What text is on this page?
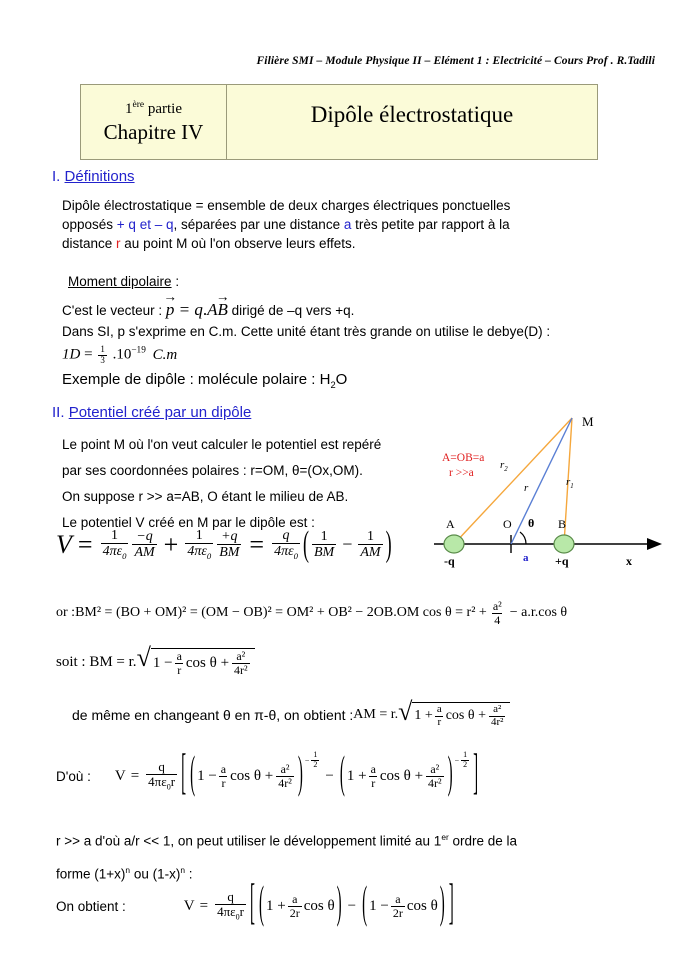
Filière SMI – Module Physique II – Elément 1 : Electricité – Cours Prof . R.Tadili
1ère partie
Chapitre IV
Dipôle électrostatique
I. Définitions
Dipôle électrostatique = ensemble de deux charges électriques ponctuelles
opposés + q et – q, séparées par une distance a très petite par rapport à la
distance r au point M où l'on observe leurs effets.
Moment dipolaire :
C'est le vecteur : p → = q.AB → dirigé de –q vers +q.
Dans SI, p s'exprime en C.m. Cette unité étant très grande on utilise le debye(D) :
$1D = \frac{1}{3} .10^{-19}$ C.m
Exemple de dipôle : molécule polaire : $H_2O$
II. Potentiel créé par un dipôle
Le point M où l'on veut calculer le potentiel est repéré
par ses coordonnées polaires : r=OM, θ=(Ox,OM).
On suppose r >> a=AB, O étant le milieu de AB.
Le potentiel V créé en M par le dipôle est :
M
A=OB=a
r >>a
$r_2$
r	$r_1$
A	O	B
θ
a
-q	+q	x
$V = \frac{1}{4\pi\varepsilon_0} \frac{-q}{AM} + \frac{1}{4\pi\varepsilon_0} \frac{+q}{BM} = \frac{q}{4\pi\varepsilon_0}$ ( $\frac{1}{BM} - \frac{1}{AM}$ )
or : BM² = (BO + OM)² = (OM − OB)² = OM² + OB² − 2OB.OM $\cos \theta = r^2 + \frac{\text{a²}}{4} - a.r.\cos$ θ
soit : BM = r. √ $1 - \frac{a}{r}$ $\cos \theta + \frac{\text{a²}}{\text{4r²}}$
de même en changeant θ en π-θ, on obtient : AM = r. √ $1 + \frac{a}{r}$ $\cos \theta + \frac{\text{a²}}{\text{4r²}}$
D'où : $V = \frac{q}{4\pi\varepsilon_0r}$ [ ( $1 - \frac{a}{r}$ $\cos \theta + \frac{\text{a²}}{\text{4r²}}$ ) − $\frac{1}{2}$
− ( $1 + \frac{a}{r}$ $\cos \theta + \frac{\text{a²}}{\text{4r²}}$ ) − $\frac{1}{2}$ ]
r >> a d'où a/r << 1, on peut utiliser le développement limité au 1er ordre de la
forme $(1+x)^n$ ou $(1-x)^n$ :
On obtient :	$V = \frac{q}{4\pi\varepsilon_0r}$ [ ( $1 + \frac{a}{2r}$ cos θ ) − ( $1 - \frac{a}{2r}$ cos θ ) ]
